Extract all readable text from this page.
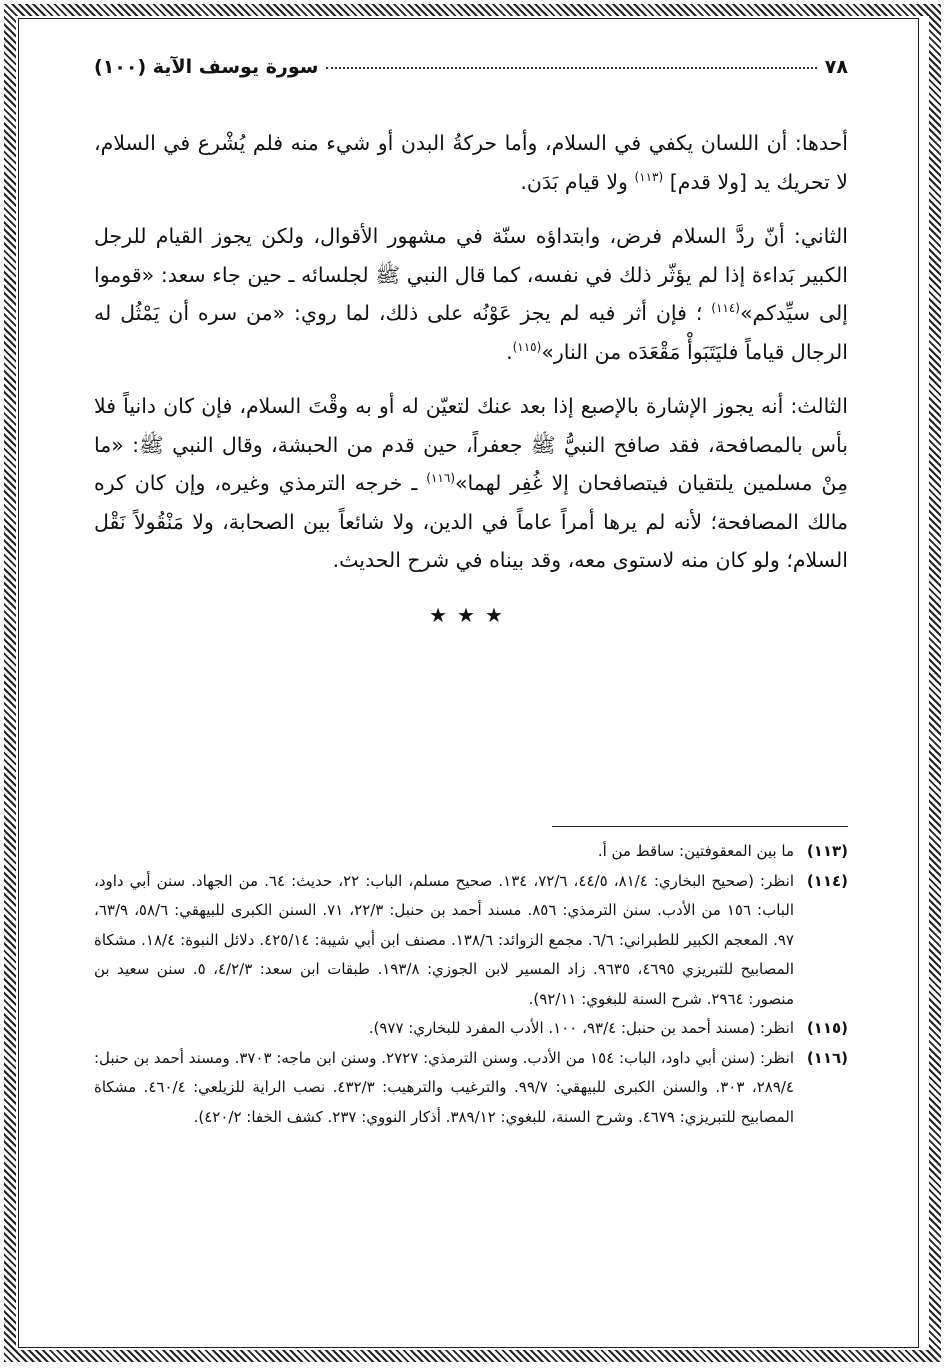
٧٨
سورة يوسف الآية (١٠٠)

أحدها: أن اللسان يكفي في السلام، وأما حركةُ البدن أو شيء منه فلم يُشْرع في السلام، لا تحريك يد [ولا قدم] $^{(١١٣)}$ ولا قيام بَدَن.

الثاني: أنّ ردَّ السلام فرض، وابتداؤه سنّة في مشهور الأقوال، ولكن يجوز القيام للرجل الكبير بَداءة إذا لم يؤثّر ذلك في نفسه، كما قال النبي ﷺ لجلسائه ـ حين جاء سعد: «قوموا إلى سيِّدكم»$^{(١١٤)}$ ؛ فإن أثر فيه لم يجز عَوْنُه على ذلك، لما روي: «من سره أن يَمْثُل له الرجال قياماً فليَتَبَوأْ مَقْعَدَه من النار»$^{(١١٥)}$.

الثالث: أنه يجوز الإشارة بالإصبع إذا بعد عنك لتعيّن له أو به وقْتَ السلام، فإن كان دانياً فلا بأس بالمصافحة، فقد صافح النبيُّ ﷺ جعفراً، حين قدم من الحبشة، وقال النبي ﷺ: «ما مِنْ مسلمين يلتقيان فيتصافحان إلا غُفِر لهما»$^{(١١٦)}$ ـ خرجه الترمذي وغيره، وإن كان كره مالك المصافحة؛ لأنه لم يرها أمراً عاماً في الدين، ولا شائعاً بين الصحابة، ولا مَنْقُولاً نَقْل السلام؛ ولو كان منه لاستوى معه، وقد بيناه في شرح الحديث.

★★★
(١١٣)
ما بين المعقوفتين: ساقط من أ.
(١١٤)
انظر: (صحيح البخاري: ٨١/٤، ٤٤/٥، ٧٢/٦، ١٣٤. صحيح مسلم، الباب: ٢٢، حديث: ٦٤. من الجهاد. سنن أبي داود، الباب: ١٥٦ من الأدب. سنن الترمذي: ٨٥٦. مسند أحمد بن حنبل: ٢٢/٣، ٧١. السنن الكبرى للبيهقي: ٥٨/٦، ٦٣/٩، ٩٧. المعجم الكبير للطبراني: ٦/٦. مجمع الزوائد: ١٣٨/٦. مصنف ابن أبي شيبة: ٤٢٥/١٤. دلائل النبوة: ١٨/٤. مشكاة المصابيح للتبريزي ٤٦٩٥، ٩٦٣٥. زاد المسير لابن الجوزي: ١٩٣/٨. طبقات ابن سعد: ٤/٢/٣، ٥. سنن سعيد بن منصور: ٢٩٦٤. شرح السنة للبغوي: ٩٢/١١).
(١١٥)
انظر: (مسند أحمد بن حنبل: ٩٣/٤، ١٠٠. الأدب المفرد للبخاري: ٩٧٧).
(١١٦)
انظر: (سنن أبي داود، الباب: ١٥٤ من الأدب. وسنن الترمذي: ٢٧٢٧. وسنن ابن ماجه: ٣٧٠٣. ومسند أحمد بن حنبل: ٢٨٩/٤، ٣٠٣. والسنن الكبرى للبيهقي: ٩٩/٧. والترغيب والترهيب: ٤٣٢/٣. نصب الراية للزيلعي: ٤٦٠/٤. مشكاة المصابيح للتبريزي: ٤٦٧٩. وشرح السنة، للبغوي: ٣٨٩/١٢. أذكار النووي: ٢٣٧. كشف الخفا: ٤٢٠/٢).
